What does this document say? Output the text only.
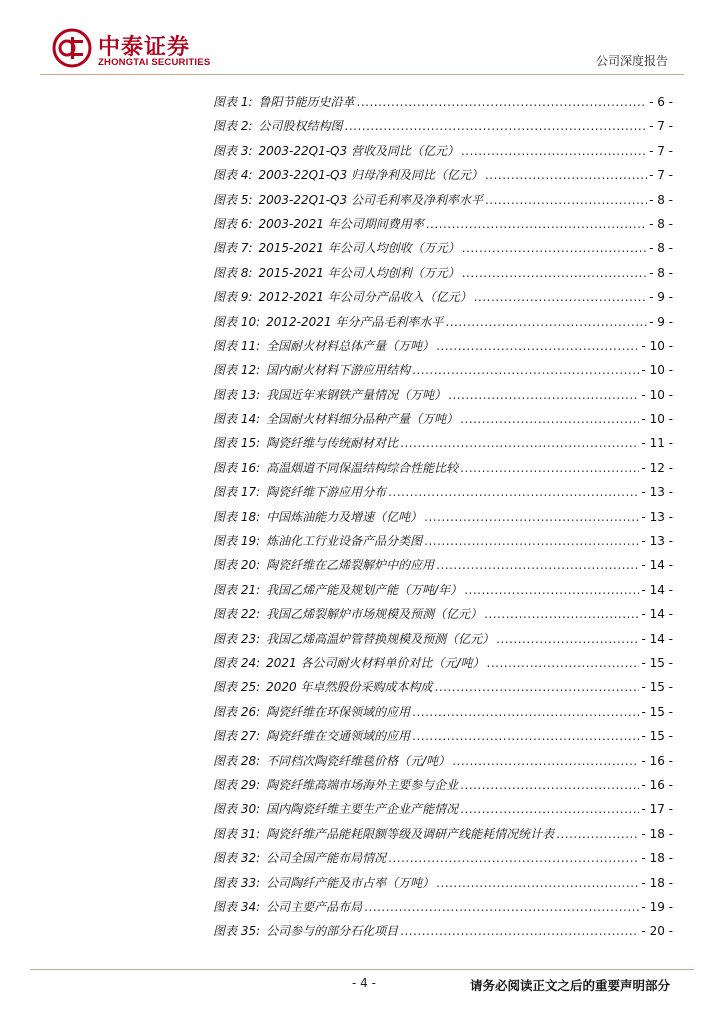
中泰证券
ZHONGTAI SECURITIES	公司深度报告
图表 1: 鲁阳节能历史沿革 .....	- 6 -
图表 2: 公司股权结构图 .....	- 7 -
图表 3: 2003-22Q1-Q3 营收及同比（亿元） .....	- 7 -
图表 4: 2003-22Q1-Q3 归母净利及同比（亿元） .....	- 7 -
图表 5: 2003-22Q1-Q3 公司毛利率及净利率水平 .....	- 8 -
图表 6: 2003-2021 年公司期间费用率 .....	- 8 -
图表 7: 2015-2021 年公司人均创收（万元） .....	- 8 -
图表 8: 2015-2021 年公司人均创利（万元） .....	- 8 -
图表 9: 2012-2021 年公司分产品收入（亿元） .....	- 9 -
图表 10: 2012-2021 年分产品毛利率水平 .....	- 9 -
图表 11: 全国耐火材料总体产量（万吨） .....	- 10 -
图表 12: 国内耐火材料下游应用结构 .....	- 10 -
图表 13: 我国近年来钢铁产量情况（万吨） .....	- 10 -
图表 14: 全国耐火材料细分品种产量（万吨） .....	- 10 -
图表 15: 陶瓷纤维与传统耐材对比 .....	- 11 -
图表 16: 高温烟道不同保温结构综合性能比较 .....	- 12 -
图表 17: 陶瓷纤维下游应用分布 .....	- 13 -
图表 18: 中国炼油能力及增速（亿吨） .....	- 13 -
图表 19: 炼油化工行业设备产品分类图 .....	- 13 -
图表 20: 陶瓷纤维在乙烯裂解炉中的应用 .....	- 14 -
图表 21: 我国乙烯产能及规划产能（万吨/年） .....	- 14 -
图表 22: 我国乙烯裂解炉市场规模及预测（亿元） .....	- 14 -
图表 23: 我国乙烯高温炉管替换规模及预测（亿元） .....	- 14 -
图表 24: 2021 各公司耐火材料单价对比（元/吨） .....	- 15 -
图表 25: 2020 年卓然股份采购成本构成 .....	- 15 -
图表 26: 陶瓷纤维在环保领域的应用 .....	- 15 -
图表 27: 陶瓷纤维在交通领域的应用 .....	- 15 -
图表 28: 不同档次陶瓷纤维毯价格（元/吨） .....	- 16 -
图表 29: 陶瓷纤维高端市场海外主要参与企业 .....	- 16 -
图表 30: 国内陶瓷纤维主要生产企业产能情况 .....	- 17 -
图表 31: 陶瓷纤维产品能耗限额等级及调研产线能耗情况统计表 .....	- 18 -
图表 32: 公司全国产能布局情况 .....	- 18 -
图表 33: 公司陶纤产能及市占率（万吨） .....	- 18 -
图表 34: 公司主要产品布局 .....	- 19 -
图表 35: 公司参与的部分石化项目 .....	- 20 -
- 4 -	请务必阅读正文之后的重要声明部分
